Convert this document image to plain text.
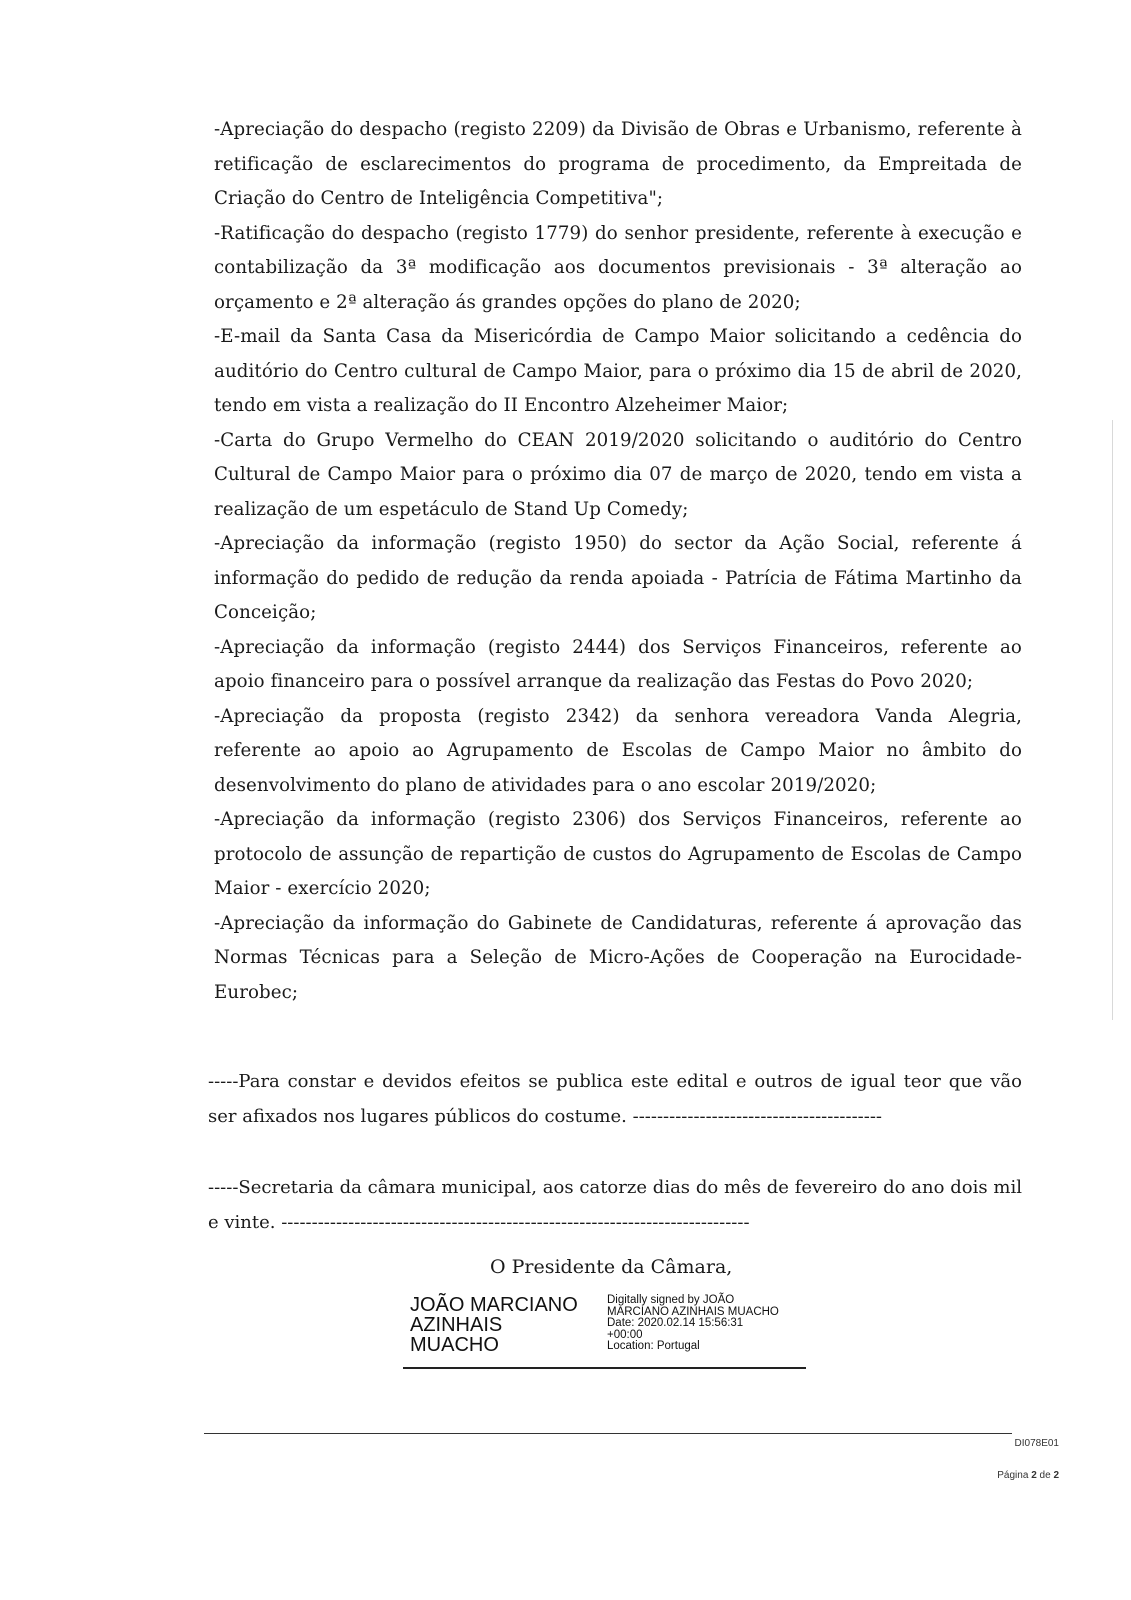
-Apreciação do despacho (registo 2209) da Divisão de Obras e Urbanismo, referente à retificação de esclarecimentos do programa de procedimento, da Empreitada de Criação do Centro de Inteligência Competitiva";

-Ratificação do despacho (registo 1779) do senhor presidente, referente à execução e contabilização da 3ª modificação aos documentos previsionais - 3ª alteração ao orçamento e 2ª alteração ás grandes opções do plano de 2020;

-E-mail da Santa Casa da Misericórdia de Campo Maior solicitando a cedência do auditório do Centro cultural de Campo Maior, para o próximo dia 15 de abril de 2020, tendo em vista a realização do II Encontro Alzeheimer Maior;

-Carta do Grupo Vermelho do CEAN 2019/2020 solicitando o auditório do Centro Cultural de Campo Maior para o próximo dia 07 de março de 2020, tendo em vista a realização de um espetáculo de Stand Up Comedy;

-Apreciação da informação (registo 1950) do sector da Ação Social, referente á informação do pedido de redução da renda apoiada - Patrícia de Fátima Martinho da Conceição;

-Apreciação da informação (registo 2444) dos Serviços Financeiros, referente ao apoio financeiro para o possível arranque da realização das Festas do Povo 2020;

-Apreciação da proposta (registo 2342) da senhora vereadora Vanda Alegria, referente ao apoio ao Agrupamento de Escolas de Campo Maior no âmbito do desenvolvimento do plano de atividades para o ano escolar 2019/2020;

-Apreciação da informação (registo 2306) dos Serviços Financeiros, referente ao protocolo de assunção de repartição de custos do Agrupamento de Escolas de Campo Maior - exercício 2020;

-Apreciação da informação do Gabinete de Candidaturas, referente á aprovação das Normas Técnicas para a Seleção de Micro-Ações de Cooperação na Eurocidade-Eurobec;

-----Para constar e devidos efeitos se publica este edital e outros de igual teor que vão ser afixados nos lugares públicos do costume. -----------------------------------------

-----Secretaria da câmara municipal, aos catorze dias do mês de fevereiro do ano dois mil e vinte. -----------------------------------------------------------------------------

O Presidente da Câmara,
JOÃO MARCIANO
AZINHAIS
MUACHO
Digitally signed by JOÃO
MARCIANO AZINHAIS MUACHO
Date: 2020.02.14 15:56:31
+00:00
Location: Portugal
DI078E01
Página 2 de 2
